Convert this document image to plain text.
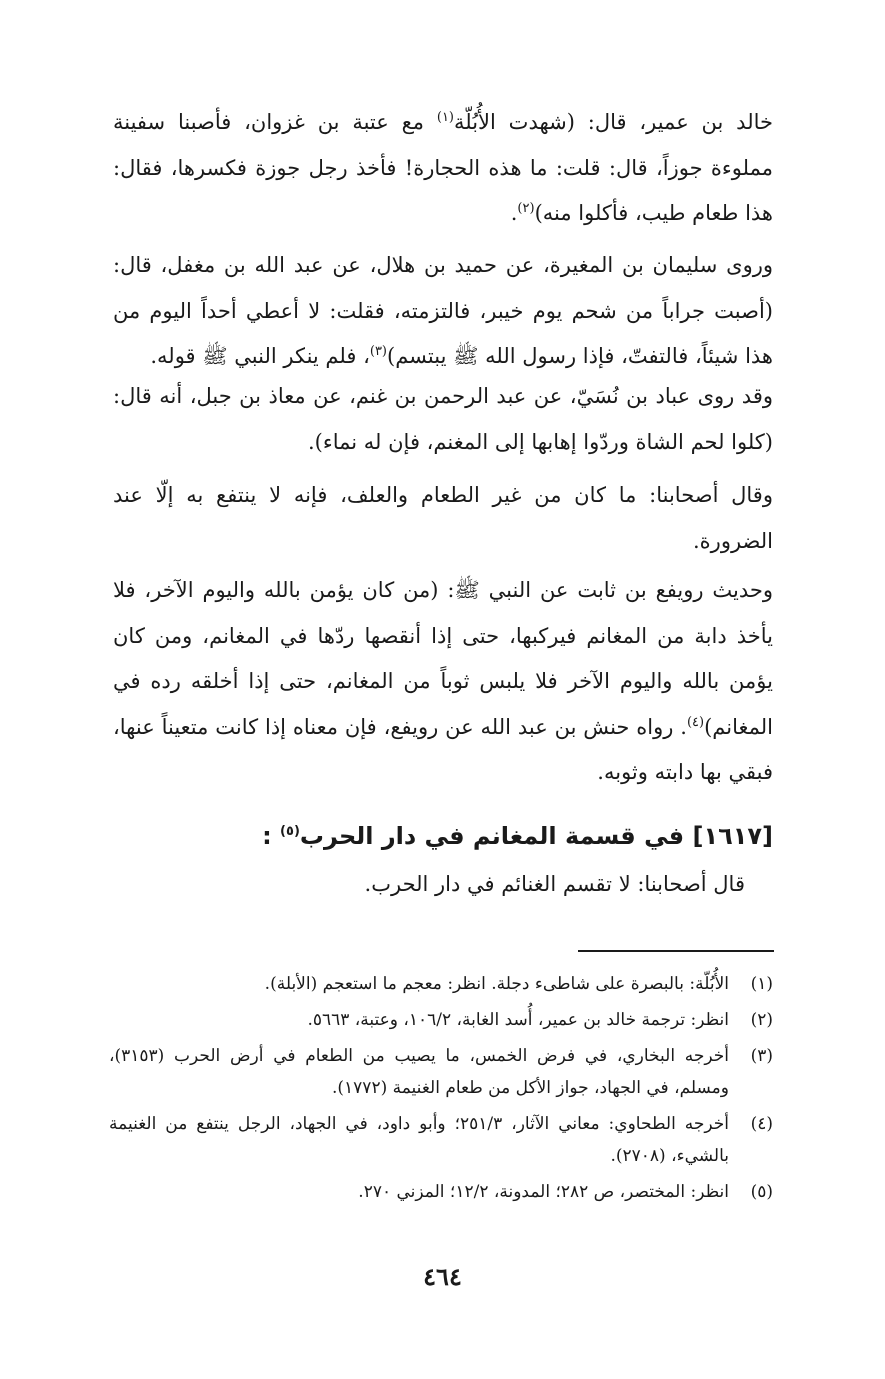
خالد بن عمير، قال: (شهدت الأُبُلّة$^{(١)}$ مع عتبة بن غزوان، فأصبنا سفينة مملوءة جوزاً، قال: قلت: ما هذه الحجارة! فأخذ رجل جوزة فكسرها، فقال: هذا طعام طيب، فأكلوا منه)$^{(٢)}$.

وروى سليمان بن المغيرة، عن حميد بن هلال، عن عبد الله بن مغفل، قال: (أصبت جراباً من شحم يوم خيبر، فالتزمته، فقلت: لا أعطي أحداً اليوم من هذا شيئاً، فالتفتّ، فإذا رسول الله ﷺ يبتسم)$^{(٣)}$، فلم ينكر النبي ﷺ قوله.

وقد روى عباد بن نُسَيّ، عن عبد الرحمن بن غنم، عن معاذ بن جبل، أنه قال: (كلوا لحم الشاة وردّوا إهابها إلى المغنم، فإن له نماء).

وقال أصحابنا: ما كان من غير الطعام والعلف، فإنه لا ينتفع به إلّا عند الضرورة.

وحديث رويفع بن ثابت عن النبي ﷺ: (من كان يؤمن بالله واليوم الآخر، فلا يأخذ دابة من المغانم فيركبها، حتى إذا أنقصها ردّها في المغانم، ومن كان يؤمن بالله واليوم الآخر فلا يلبس ثوباً من المغانم، حتى إذا أخلقه رده في المغانم)$^{(٤)}$. رواه حنش بن عبد الله عن رويفع، فإن معناه إذا كانت متعيناً عنها، فبقي بها دابته وثوبه.

[١٦١٧] في قسمة المغانم في دار الحرب$^{(٥)}$ :

قال أصحابنا: لا تقسم الغنائم في دار الحرب.

(١)
الأُبُلّة: بالبصرة على شاطىء دجلة. انظر: معجم ما استعجم (الأبلة).
(٢)
انظر: ترجمة خالد بن عمير، أُسد الغابة، ١٠٦/٢، وعتبة، ٥٦٦٣.
(٣)
أخرجه البخاري، في فرض الخمس، ما يصيب من الطعام في أرض الحرب (٣١٥٣)، ومسلم، في الجهاد، جواز الأكل من طعام الغنيمة (١٧٧٢).
(٤)
أخرجه الطحاوي: معاني الآثار، ٢٥١/٣؛ وأبو داود، في الجهاد، الرجل ينتفع من الغنيمة بالشيء، (٢٧٠٨).
(٥)
انظر: المختصر، ص ٢٨٢؛ المدونة، ١٢/٢؛ المزني ٢٧٠.
٤٦٤
